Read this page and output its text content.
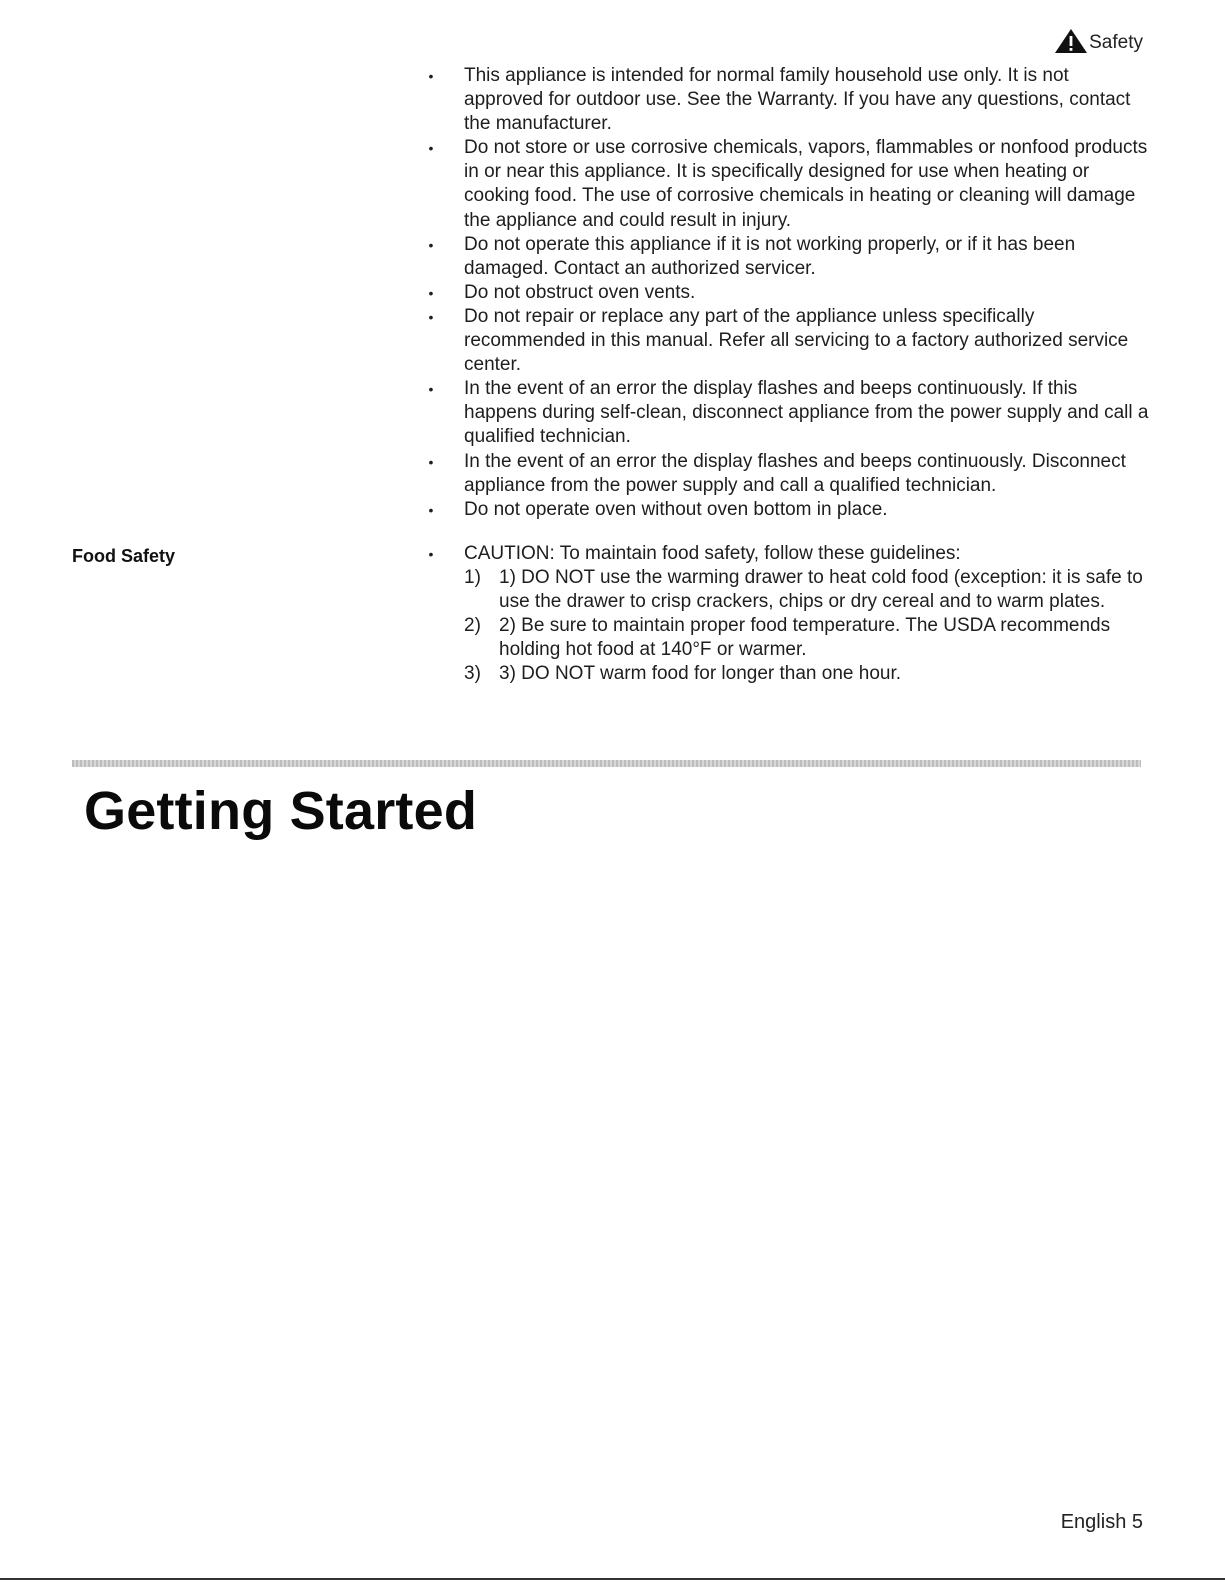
Safety
• This appliance is intended for normal family household use only. It is not approved for outdoor use. See the Warranty. If you have any questions, contact the manufacturer.
• Do not store or use corrosive chemicals, vapors, flammables or nonfood products in or near this appliance. It is specifically designed for use when heating or cooking food. The use of corrosive chemicals in heating or cleaning will damage the appliance and could result in injury.
• Do not operate this appliance if it is not working properly, or if it has been damaged. Contact an authorized servicer.
• Do not obstruct oven vents.
• Do not repair or replace any part of the appliance unless specifically recommended in this manual. Refer all servicing to a factory authorized service center.
• In the event of an error the display flashes and beeps continuously. If this happens during self-clean, disconnect appliance from the power supply and call a qualified technician.
• In the event of an error the display flashes and beeps continuously. Disconnect appliance from the power supply and call a qualified technician.
• Do not operate oven without oven bottom in place.
Food Safety	• CAUTION: To maintain food safety, follow these guidelines:
1) 1) DO NOT use the warming drawer to heat cold food (exception: it is safe to use the drawer to crisp crackers, chips or dry cereal and to warm plates.
2) 2) Be sure to maintain proper food temperature. The USDA recommends holding hot food at 140°F or warmer.
3) 3) DO NOT warm food for longer than one hour.
Getting Started
English 5
